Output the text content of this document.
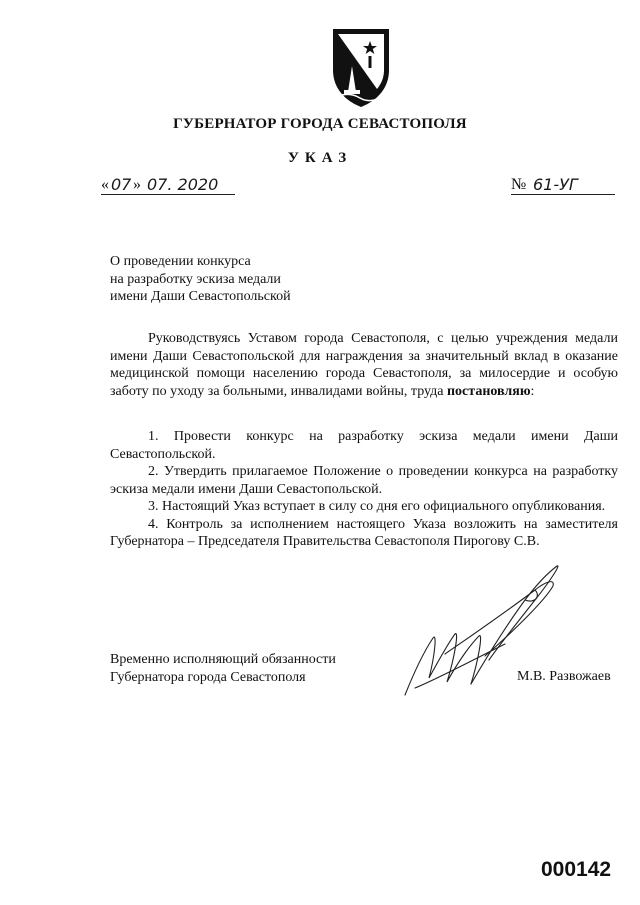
ГУБЕРНАТОР ГОРОДА СЕВАСТОПОЛЯ
УКАЗ
« 07 » 07. 2020	№ 61-УГ
О проведении конкурса
на разработку эскиза медали
имени Даши Севастопольской
Руководствуясь Уставом города Севастополя, с целью учреждения медали имени Даши Севастопольской для награждения за значительный вклад в оказание медицинской помощи населению города Севастополя, за милосердие и особую заботу по уходу за больными, инвалидами войны, труда постановляю:

1. Провести конкурс на разработку эскиза медали имени Даши Севастопольской.

2. Утвердить прилагаемое Положение о проведении конкурса на разработку эскиза медали имени Даши Севастопольской.

3. Настоящий Указ вступает в силу со дня его официального опубликования.

4. Контроль за исполнением настоящего Указа возложить на заместителя Губернатора – Председателя Правительства Севастополя Пирогову С.В.

Временно исполняющий обязанности
Губернатора города Севастополя	М.В. Развожаев
000142
